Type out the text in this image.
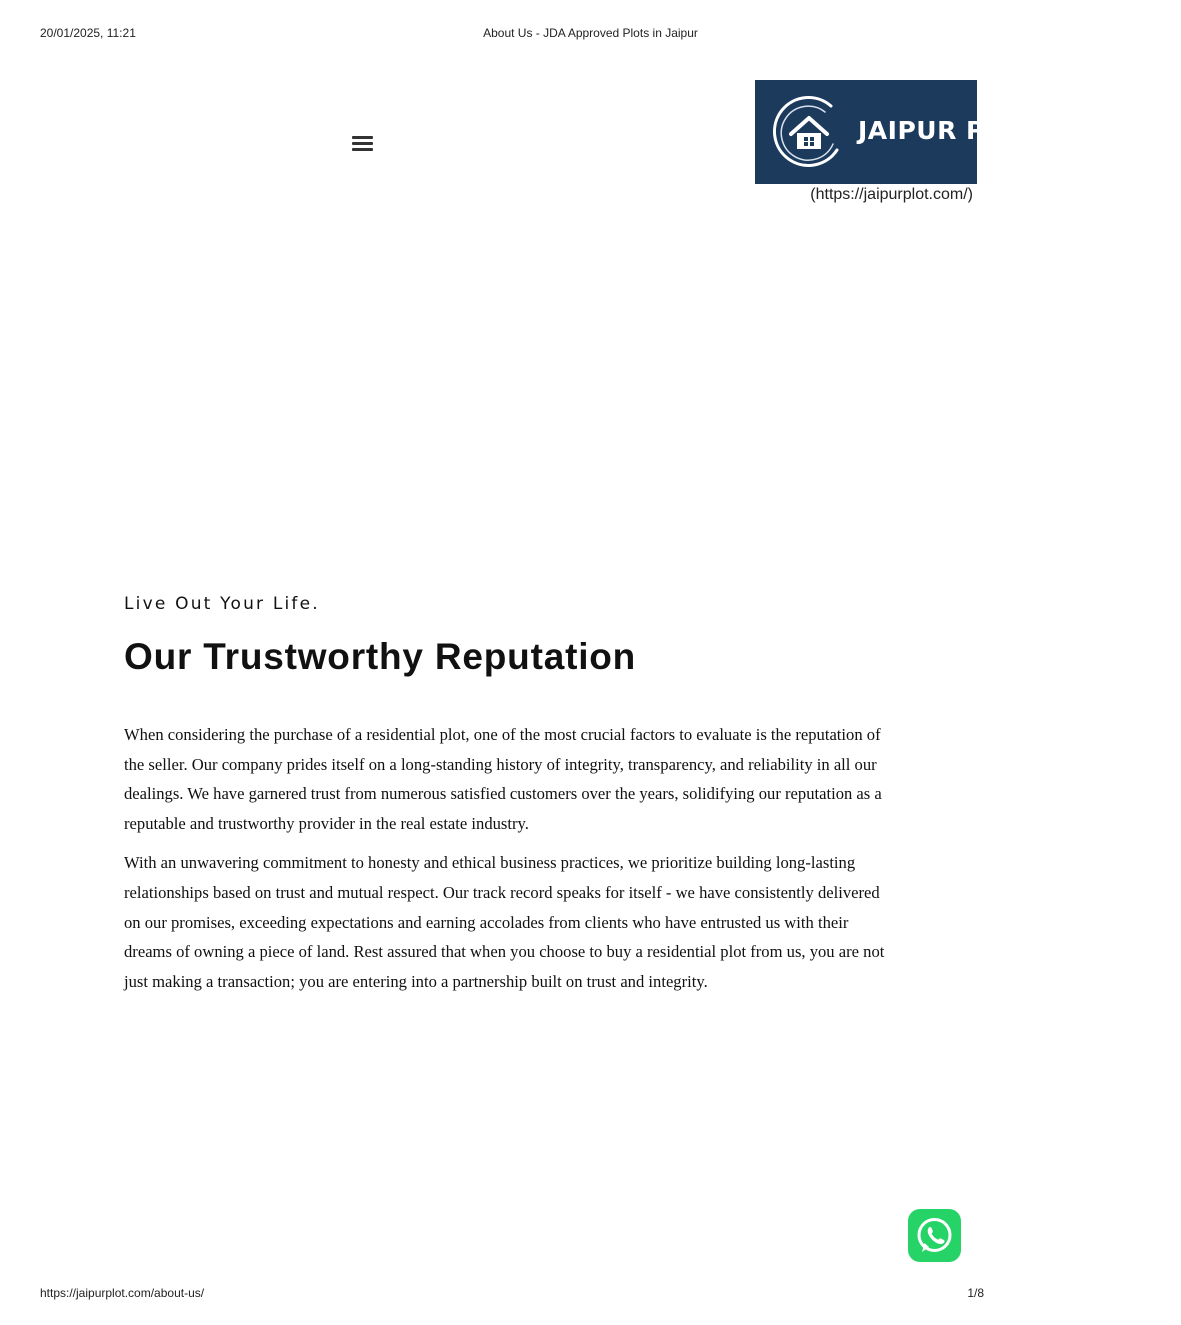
20/01/2025, 11:21	About Us - JDA Approved Plots in Jaipur
JAIPUR PLOTS
(https://jaipurplot.com/)
Live Out Your Life.
Our Trustworthy Reputation

When considering the purchase of a residential plot, one of the most crucial factors to evaluate is the reputation of the seller. Our company prides itself on a long-standing history of integrity, transparency, and reliability in all our dealings. We have garnered trust from numerous satisfied customers over the years, solidifying our reputation as a reputable and trustworthy provider in the real estate industry.

With an unwavering commitment to honesty and ethical business practices, we prioritize building long-lasting relationships based on trust and mutual respect. Our track record speaks for itself - we have consistently delivered on our promises, exceeding expectations and earning accolades from clients who have entrusted us with their dreams of owning a piece of land. Rest assured that when you choose to buy a residential plot from us, you are not just making a transaction; you are entering into a partnership built on trust and integrity.

https://jaipurplot.com/about-us/	1/8
